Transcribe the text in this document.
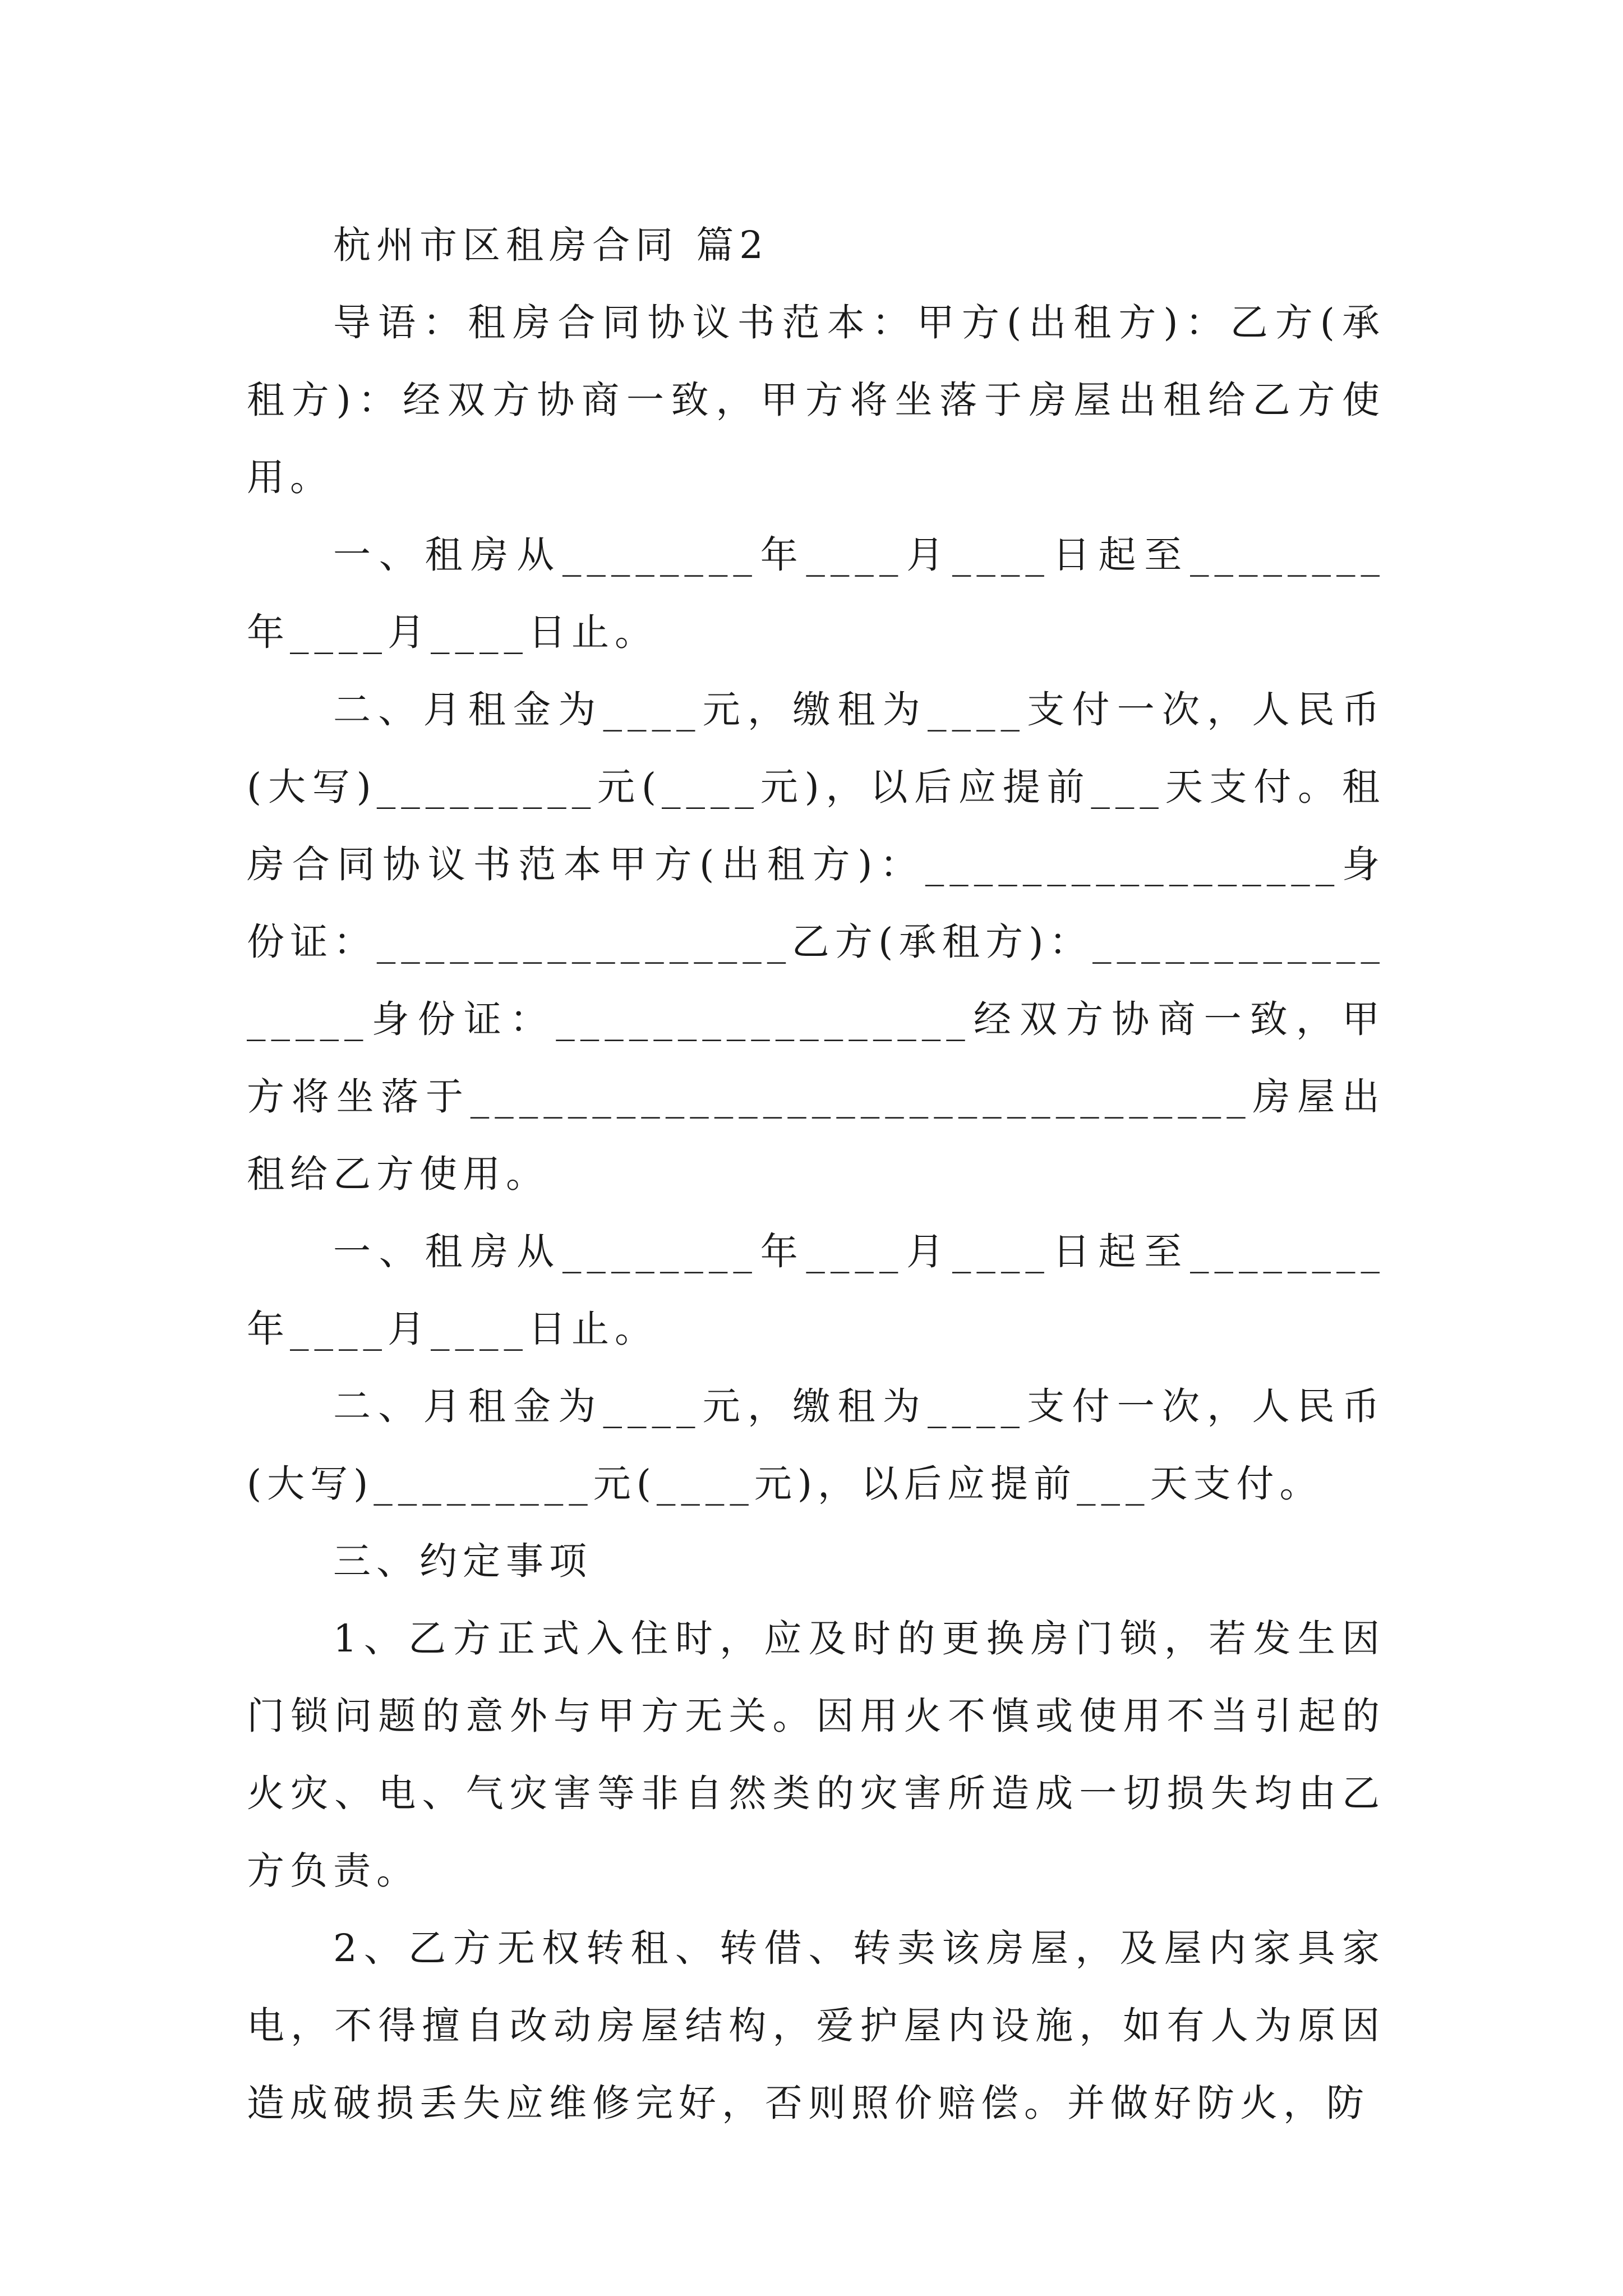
杭州市区租房合同 篇2

导语：租房合同协议书范本：甲方(出租方)：乙方(承租方)：经双方协商一致，甲方将坐落于房屋出租给乙方使用。

一、租房从________年____月____日起至________年____月____日止。

二、月租金为____元，缴租为____支付一次，人民币(大写)_________元(____元)，以后应提前___天支付。租房合同协议书范本甲方(出租方)：_________________身份证：_________________乙方(承租方)：_________________身份证：_________________经双方协商一致，甲方将坐落于________________________________房屋出租给乙方使用。

一、租房从________年____月____日起至________年____月____日止。

二、月租金为____元，缴租为____支付一次，人民币(大写)_________元(____元)，以后应提前___天支付。

三、约定事项

1、乙方正式入住时，应及时的更换房门锁，若发生因门锁问题的意外与甲方无关。因用火不慎或使用不当引起的火灾、电、气灾害等非自然类的灾害所造成一切损失均由乙方负责。

2、乙方无权转租、转借、转卖该房屋，及屋内家具家电，不得擅自改动房屋结构，爱护屋内设施，如有人为原因造成破损丢失应维修完好，否则照价赔偿。并做好防火，防
